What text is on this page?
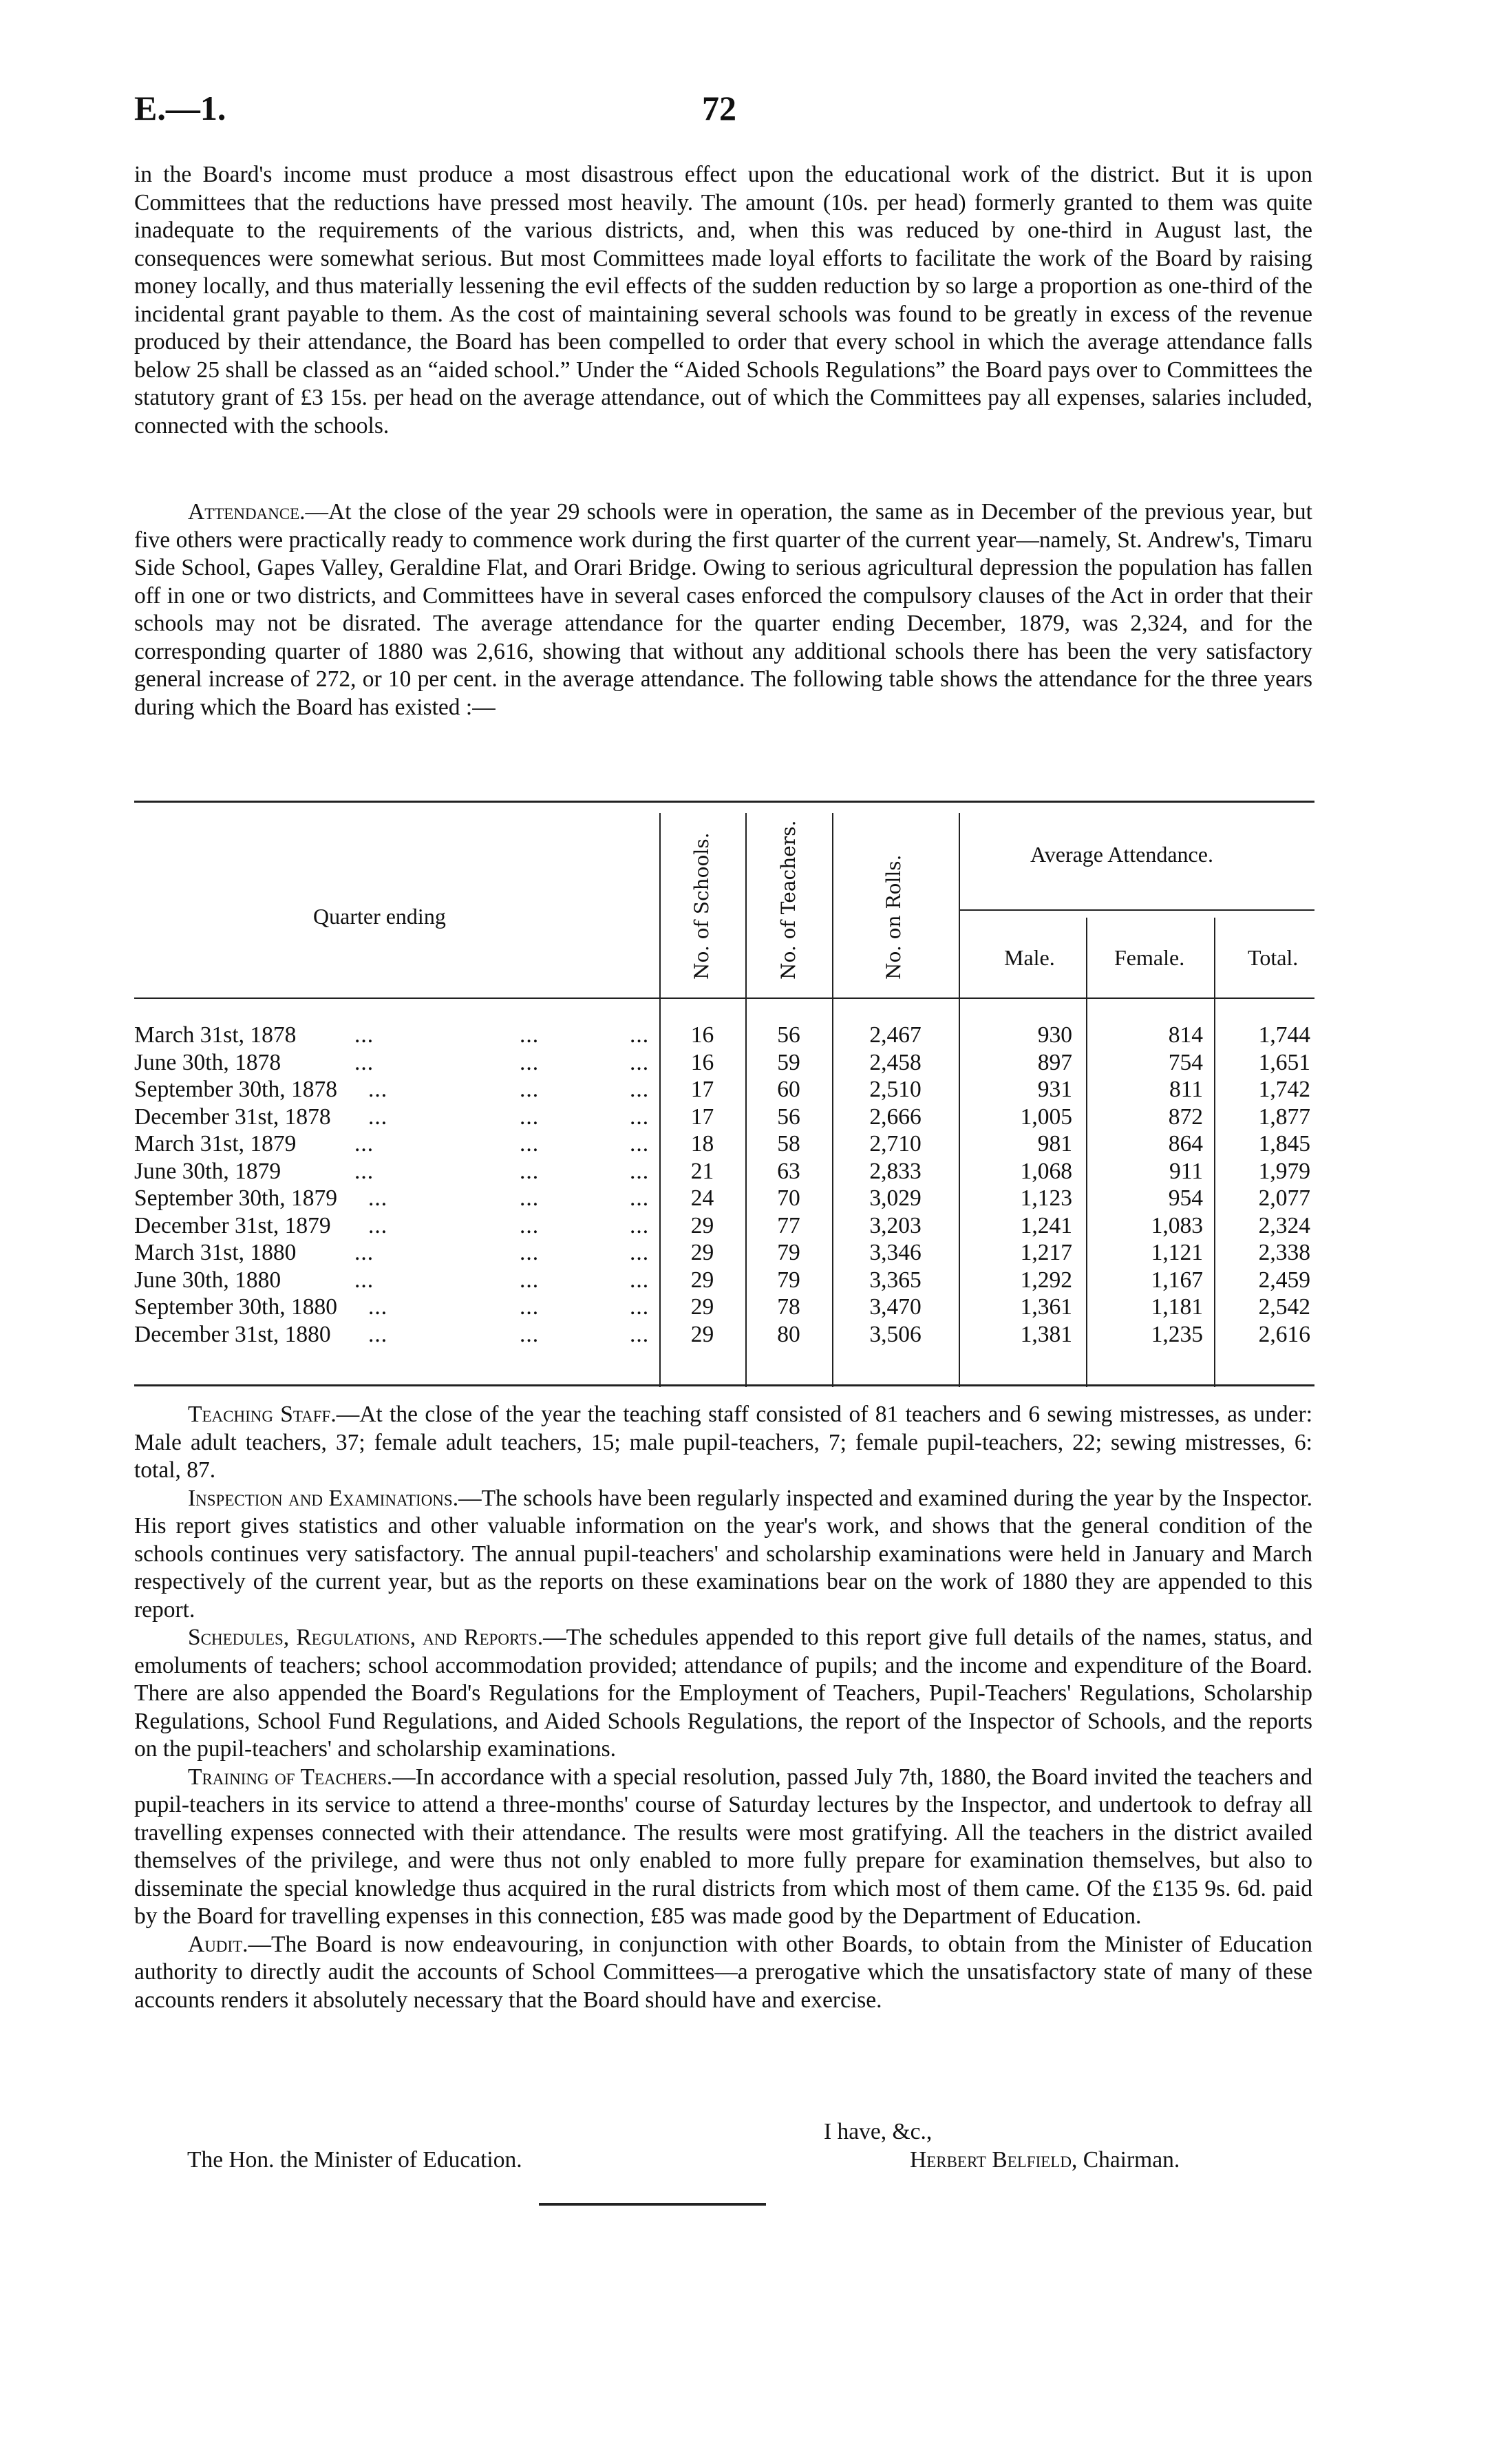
E.—1.	72

in the Board's income must produce a most disastrous effect upon the educational work of the district. But it is upon Committees that the reductions have pressed most heavily. The amount (10s. per head) formerly granted to them was quite inadequate to the requirements of the various districts, and, when this was reduced by one-third in August last, the consequences were somewhat serious. But most Committees made loyal efforts to facilitate the work of the Board by raising money locally, and thus materially lessening the evil effects of the sudden reduction by so large a proportion as one-third of the incidental grant payable to them. As the cost of maintaining several schools was found to be greatly in excess of the revenue produced by their attendance, the Board has been compelled to order that every school in which the average attendance falls below 25 shall be classed as an “aided school.” Under the “Aided Schools Regulations” the Board pays over to Committees the statutory grant of £3 15s. per head on the average attendance, out of which the Committees pay all expenses, salaries included, connected with the schools.

Attendance.—At the close of the year 29 schools were in operation, the same as in December of the previous year, but five others were practically ready to commence work during the first quarter of the current year—namely, St. Andrew's, Timaru Side School, Gapes Valley, Geraldine Flat, and Orari Bridge. Owing to serious agricultural depression the population has fallen off in one or two districts, and Committees have in several cases enforced the compulsory clauses of the Act in order that their schools may not be disrated. The average attendance for the quarter ending December, 1879, was 2,324, and for the corresponding quarter of 1880 was 2,616, showing that without any additional schools there has been the very satisfactory general increase of 272, or 10 per cent. in the average attendance. The following table shows the attendance for the three years during which the Board has existed :—

Quarter ending	No. of Schools.	No. of Teachers.	No. on Rolls.
Average Attendance.
Male.	Female.	Total.
March 31st, 1878	...	...	...	16	56	2,467	930	814	1,744
June 30th, 1878	...	...	...	16	59	2,458	897	754	1,651
September 30th, 1878 ...	...	...	17	60	2,510	931	811	1,742
December 31st, 1878 ...	...	...	17	56	2,666	1,005	872	1,877
March 31st, 1879	...	...	...	18	58	2,710	981	864	1,845
June 30th, 1879	...	...	...	21	63	2,833	1,068	911	1,979
September 30th, 1879 ...	...	...	24	70	3,029	1,123	954	2,077
December 31st, 1879 ...	...	...	29	77	3,203	1,241	1,083	2,324
March 31st, 1880	...	...	...	29	79	3,346	1,217	1,121	2,338
June 30th, 1880	...	...	...	29	79	3,365	1,292	1,167	2,459
September 30th, 1880 ...	...	...	29	78	3,470	1,361	1,181	2,542
December 31st, 1880 ...	...	...	29	80	3,506	1,381	1,235	2,616

Teaching Staff.—At the close of the year the teaching staff consisted of 81 teachers and 6 sewing mistresses, as under: Male adult teachers, 37; female adult teachers, 15; male pupil-teachers, 7; female pupil-teachers, 22; sewing mistresses, 6: total, 87.

Inspection and Examinations.—The schools have been regularly inspected and examined during the year by the Inspector. His report gives statistics and other valuable information on the year's work, and shows that the general condition of the schools continues very satisfactory. The annual pupil-teachers' and scholarship examinations were held in January and March respectively of the current year, but as the reports on these examinations bear on the work of 1880 they are appended to this report.

Schedules, Regulations, and Reports.—The schedules appended to this report give full details of the names, status, and emoluments of teachers; school accommodation provided; attendance of pupils; and the income and expenditure of the Board. There are also appended the Board's Regulations for the Employment of Teachers, Pupil-Teachers' Regulations, Scholarship Regulations, School Fund Regulations, and Aided Schools Regulations, the report of the Inspector of Schools, and the reports on the pupil-teachers' and scholarship examinations.

Training of Teachers.—In accordance with a special resolution, passed July 7th, 1880, the Board invited the teachers and pupil-teachers in its service to attend a three-months' course of Saturday lectures by the Inspector, and undertook to defray all travelling expenses connected with their attendance. The results were most gratifying. All the teachers in the district availed themselves of the privilege, and were thus not only enabled to more fully prepare for examination themselves, but also to disseminate the special knowledge thus acquired in the rural districts from which most of them came. Of the £135 9s. 6d. paid by the Board for travelling expenses in this connection, £85 was made good by the Department of Education.

Audit.—The Board is now endeavouring, in conjunction with other Boards, to obtain from the Minister of Education authority to directly audit the accounts of School Committees—a prerogative which the unsatisfactory state of many of these accounts renders it absolutely necessary that the Board should have and exercise.

I have, &c.,
The Hon. the Minister of Education.	Herbert Belfield, Chairman.
